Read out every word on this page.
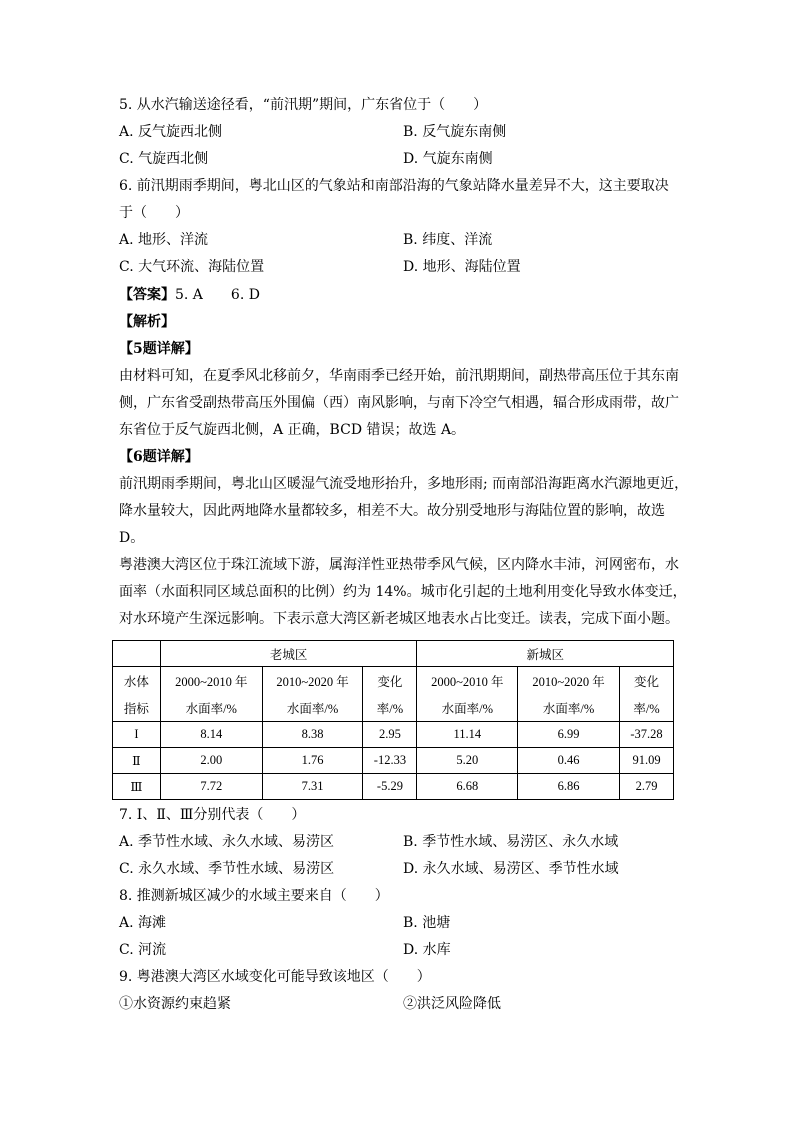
5. 从水汽输送途径看，“前汛期”期间，广东省位于（　　）
A. 反气旋西北侧	B. 反气旋东南侧
C. 气旋西北侧	D. 气旋东南侧
6. 前汛期雨季期间，粤北山区的气象站和南部沿海的气象站降水量差异不大，这主要取决
于（　　）
A. 地形、洋流	B. 纬度、洋流
C. 大气环流、海陆位置	D. 地形、海陆位置
【答案】5. A　　6. D
【解析】
【5题详解】
由材料可知，在夏季风北移前夕，华南雨季已经开始，前汛期期间，副热带高压位于其东南
侧，广东省受副热带高压外围偏（西）南风影响，与南下冷空气相遇，辐合形成雨带，故广
东省位于反气旋西北侧，A 正确，BCD 错误；故选 A。
【6题详解】
前汛期雨季期间，粤北山区暖湿气流受地形抬升，多地形雨; 而南部沿海距离水汽源地更近，
降水量较大，因此两地降水量都较多，相差不大。故分别受地形与海陆位置的影响，故选
D。
粤港澳大湾区位于珠江流域下游，属海洋性亚热带季风气候，区内降水丰沛，河网密布，水
面率（水面积同区域总面积的比例）约为 14%。城市化引起的土地利用变化导致水体变迁，
对水环境产生深远影响。下表示意大湾区新老城区地表水占比变迁。读表，完成下面小题。
	老城区			新城区		
水体	2000~2010 年	2010~2020 年	变化	2000~2010 年	2010~2020 年	变化
指标	水面率/%	水面率/%	率/%	水面率/%	水面率/%	率/%
I	8.14	8.38	2.95	11.14	6.99	-37.28
Ⅱ	2.00	1.76	-12.33	5.20	0.46	91.09
Ⅲ	7.72	7.31	-5.29	6.68	6.86	2.79
7. I、Ⅱ、Ⅲ分别代表（　　）
A. 季节性水域、永久水域、易涝区	B. 季节性水域、易涝区、永久水域
C. 永久水域、季节性水域、易涝区	D. 永久水域、易涝区、季节性水域
8. 推测新城区减少的水域主要来自（　　）
A. 海滩	B. 池塘
C. 河流	D. 水库
9. 粤港澳大湾区水域变化可能导致该地区（　　）
①水资源约束趋紧	②洪泛风险降低
